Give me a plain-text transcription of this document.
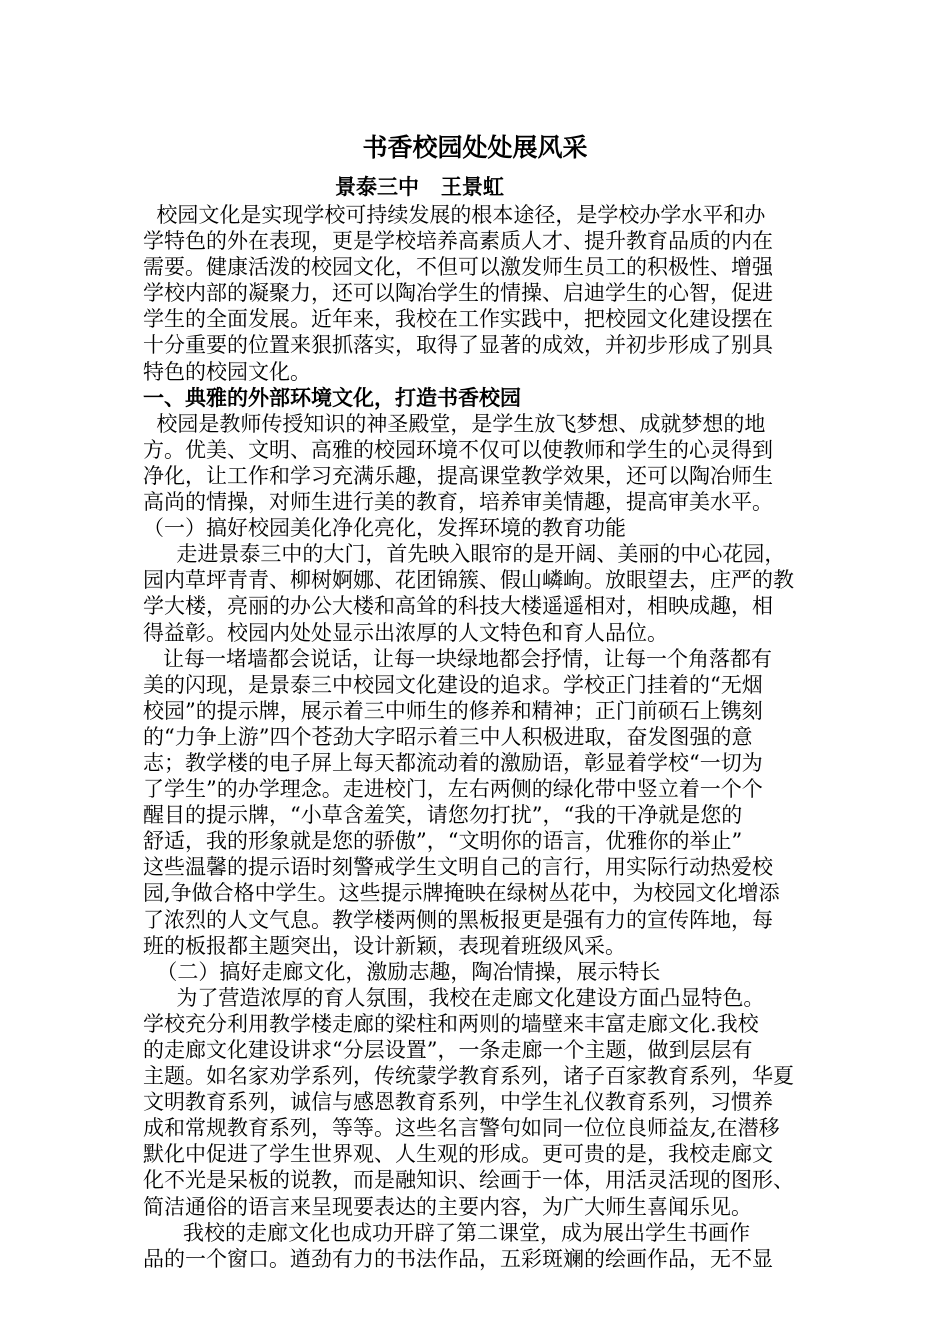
书香校园处处展风采
景泰三中   王景虹
校园文化是实现学校可持续发展的根本途径，是学校办学水平和办
学特色的外在表现，更是学校培养高素质人才、提升教育品质的内在
需要。健康活泼的校园文化，不但可以激发师生员工的积极性、增强
学校内部的凝聚力，还可以陶冶学生的情操、启迪学生的心智，促进
学生的全面发展。近年来，我校在工作实践中，把校园文化建设摆在
十分重要的位置来狠抓落实，取得了显著的成效，并初步形成了别具
特色的校园文化。
一、典雅的外部环境文化，打造书香校园
校园是教师传授知识的神圣殿堂，是学生放飞梦想、成就梦想的地
方。优美、文明、高雅的校园环境不仅可以使教师和学生的心灵得到
净化，让工作和学习充满乐趣，提高课堂教学效果，还可以陶冶师生
高尚的情操，对师生进行美的教育，培养审美情趣，提高审美水平。
（一）搞好校园美化净化亮化，发挥环境的教育功能
走进景泰三中的大门，首先映入眼帘的是开阔、美丽的中心花园，
园内草坪青青、柳树婀娜、花团锦簇、假山嶙峋。放眼望去，庄严的教
学大楼，亮丽的办公大楼和高耸的科技大楼遥遥相对，相映成趣，相
得益彰。校园内处处显示出浓厚的人文特色和育人品位。
让每一堵墙都会说话，让每一块绿地都会抒情，让每一个角落都有
美的闪现，是景泰三中校园文化建设的追求。学校正门挂着的“无烟
校园”的提示牌，展示着三中师生的修养和精神；正门前硕石上镌刻
的“力争上游”四个苍劲大字昭示着三中人积极进取，奋发图强的意
志；教学楼的电子屏上每天都流动着的激励语，彰显着学校“一切为
了学生”的办学理念。走进校门，左右两侧的绿化带中竖立着一个个
醒目的提示牌，“小草含羞笑，请您勿打扰”，“我的干净就是您的
舒适，我的形象就是您的骄傲”，“文明你的语言，优雅你的举止”
这些温馨的提示语时刻警戒学生文明自己的言行，用实际行动热爱校
园,争做合格中学生。这些提示牌掩映在绿树丛花中，为校园文化增添
了浓烈的人文气息。教学楼两侧的黑板报更是强有力的宣传阵地，每
班的板报都主题突出，设计新颖，表现着班级风采。
（二）搞好走廊文化，激励志趣，陶冶情操，展示特长
为了营造浓厚的育人氛围，我校在走廊文化建设方面凸显特色。
学校充分利用教学楼走廊的梁柱和两则的墙壁来丰富走廊文化.我校
的走廊文化建设讲求“分层设置”，一条走廊一个主题，做到层层有
主题。如名家劝学系列，传统蒙学教育系列，诸子百家教育系列，华夏
文明教育系列，诚信与感恩教育系列，中学生礼仪教育系列，习惯养
成和常规教育系列，等等。这些名言警句如同一位位良师益友,在潜移
默化中促进了学生世界观、人生观的形成。更可贵的是，我校走廊文
化不光是呆板的说教，而是融知识、绘画于一体，用活灵活现的图形、
简洁通俗的语言来呈现要表达的主要内容，为广大师生喜闻乐见。
我校的走廊文化也成功开辟了第二课堂，成为展出学生书画作
品的一个窗口。遒劲有力的书法作品，五彩斑斓的绘画作品，无不显
